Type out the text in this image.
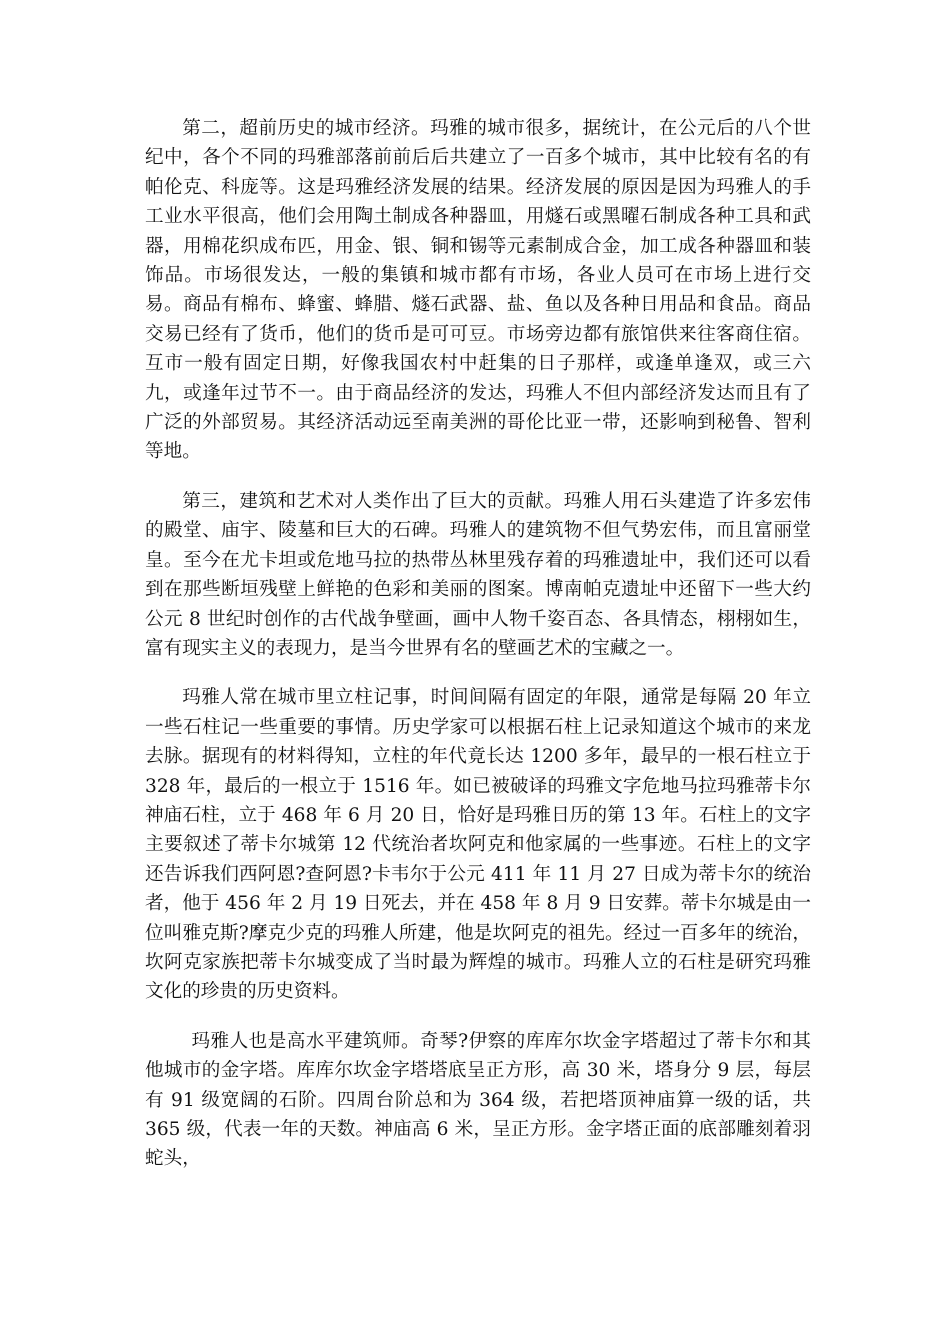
第二，超前历史的城市经济。玛雅的城市很多，据统计，在公元后的八个世纪中，各个不同的玛雅部落前前后后共建立了一百多个城市，其中比较有名的有帕伦克、科庞等。这是玛雅经济发展的结果。经济发展的原因是因为玛雅人的手工业水平很高，他们会用陶土制成各种器皿，用燧石或黑曜石制成各种工具和武器，用棉花织成布匹，用金、银、铜和锡等元素制成合金，加工成各种器皿和装饰品。市场很发达，一般的集镇和城市都有市场，各业人员可在市场上进行交易。商品有棉布、蜂蜜、蜂腊、燧石武器、盐、鱼以及各种日用品和食品。商品交易已经有了货币，他们的货币是可可豆。市场旁边都有旅馆供来往客商住宿。互市一般有固定日期，好像我国农村中赶集的日子那样，或逢单逢双，或三六九，或逢年过节不一。由于商品经济的发达，玛雅人不但内部经济发达而且有了广泛的外部贸易。其经济活动远至南美洲的哥伦比亚一带，还影响到秘鲁、智利等地。

第三，建筑和艺术对人类作出了巨大的贡献。玛雅人用石头建造了许多宏伟的殿堂、庙宇、陵墓和巨大的石碑。玛雅人的建筑物不但气势宏伟，而且富丽堂皇。至今在尤卡坦或危地马拉的热带丛林里残存着的玛雅遗址中，我们还可以看到在那些断垣残壁上鲜艳的色彩和美丽的图案。博南帕克遗址中还留下一些大约公元 8 世纪时创作的古代战争壁画，画中人物千姿百态、各具情态，栩栩如生，富有现实主义的表现力，是当今世界有名的壁画艺术的宝藏之一。

玛雅人常在城市里立柱记事，时间间隔有固定的年限，通常是每隔 20 年立一些石柱记一些重要的事情。历史学家可以根据石柱上记录知道这个城市的来龙去脉。据现有的材料得知，立柱的年代竟长达 1200 多年，最早的一根石柱立于 328 年，最后的一根立于 1516 年。如已被破译的玛雅文字危地马拉玛雅蒂卡尔神庙石柱，立于 468 年 6 月 20 日，恰好是玛雅日历的第 13 年。石柱上的文字主要叙述了蒂卡尔城第 12 代统治者坎阿克和他家属的一些事迹。石柱上的文字还告诉我们西阿恩?查阿恩?卡韦尔于公元 411 年 11 月 27 日成为蒂卡尔的统治者，他于 456 年 2 月 19 日死去，并在 458 年 8 月 9 日安葬。蒂卡尔城是由一位叫雅克斯?摩克少克的玛雅人所建，他是坎阿克的祖先。经过一百多年的统治，坎阿克家族把蒂卡尔城变成了当时最为辉煌的城市。玛雅人立的石柱是研究玛雅文化的珍贵的历史资料。

玛雅人也是高水平建筑师。奇琴?伊察的库库尔坎金字塔超过了蒂卡尔和其他城市的金字塔。库库尔坎金字塔塔底呈正方形，高 30 米，塔身分 9 层，每层有 91 级宽阔的石阶。四周台阶总和为 364 级，若把塔顶神庙算一级的话，共 365 级，代表一年的天数。神庙高 6 米，呈正方形。金字塔正面的底部雕刻着羽蛇头，
